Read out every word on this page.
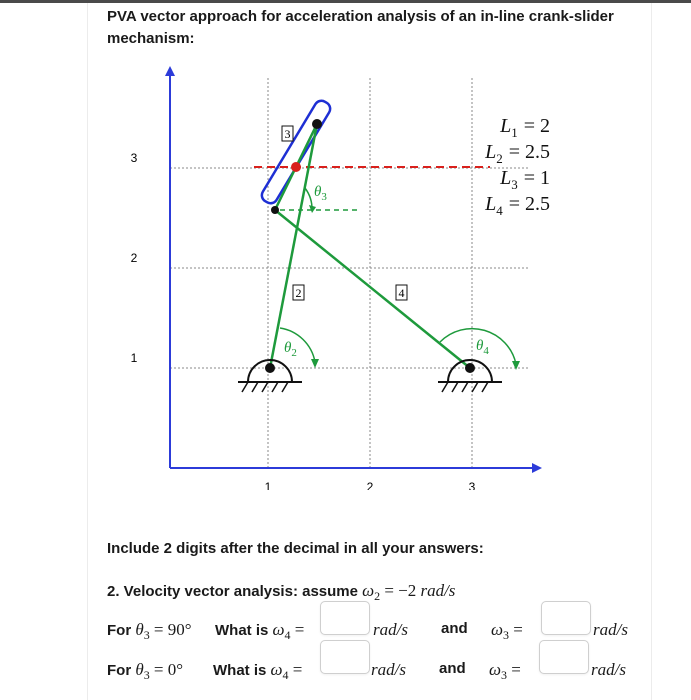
PVA vector approach for acceleration analysis of an in-line crank-slider mechanism:
1	2	3
1
2
3
3
2	4
$\theta_3$
$\theta_2$	$\theta_4$
$L_1 = 2$
$L_2 = 2.5$
$L_3 = 1$
$L_4 = 2.5$
Include 2 digits after the decimal in all your answers:
2. Velocity vector analysis: assume $\omega_2 = -2$ rad/s
For $\theta_3 = 90^\circ$ What is $\omega_4$ =	rad/s and $\omega_3$ =	rad/s
For $\theta_3 = 0^\circ$ What is $\omega_4$ =	rad/s and $\omega_3$ =	rad/s
